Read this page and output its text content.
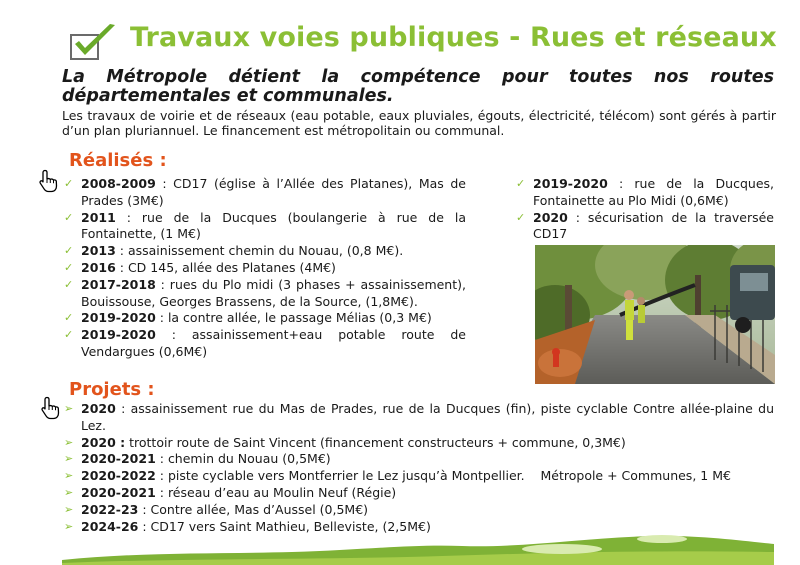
Travaux voies publiques - Rues et réseaux
La Métropole détient la compétence pour toutes nos routes départementales et communales.
Les travaux de voirie et de réseaux (eau potable, eaux pluviales, égouts, électricité, télécom) sont gérés à partir d’un plan pluriannuel. Le financement est métropolitain ou communal.
Réalisés :
✓ 2008-2009 : CD17 (église à l’Allée des Platanes), Mas de Prades (3M€)
✓ 2011 : rue de la Ducques (boulangerie à rue de la Fontainette, (1 M€)
✓ 2013 : assainissement chemin du Nouau, (0,8 M€).
✓ 2016 : CD 145, allée des Platanes (4M€)
✓ 2017-2018 : rues du Plo midi (3 phases + assainissement), Bouissouse, Georges Brassens, de la Source, (1,8M€).
✓ 2019-2020 : la contre allée, le passage Mélias (0,3 M€)
✓ 2019-2020 : assainissement+eau potable route de Vendargues (0,6M€)
✓ 2019-2020 : rue de la Ducques, Fontainette au Plo Midi (0,6M€)
✓ 2020 : sécurisation de la traversée CD17
Projets :
➢ 2020 : assainissement rue du Mas de Prades, rue de la Ducques (fin), piste cyclable Contre allée-plaine du Lez.
➢ 2020 : trottoir route de Saint Vincent (financement constructeurs + commune, 0,3M€)
➢ 2020-2021 : chemin du Nouau (0,5M€)
➢ 2020-2022 : piste cyclable vers Montferrier le Lez jusqu’à Montpellier.    Métropole + Communes, 1 M€
➢ 2020-2021 : réseau d’eau au Moulin Neuf (Régie)
➢ 2022-23 : Contre allée, Mas d’Aussel (0,5M€)
➢ 2024-26 : CD17 vers Saint Mathieu, Belleviste, (2,5M€)
